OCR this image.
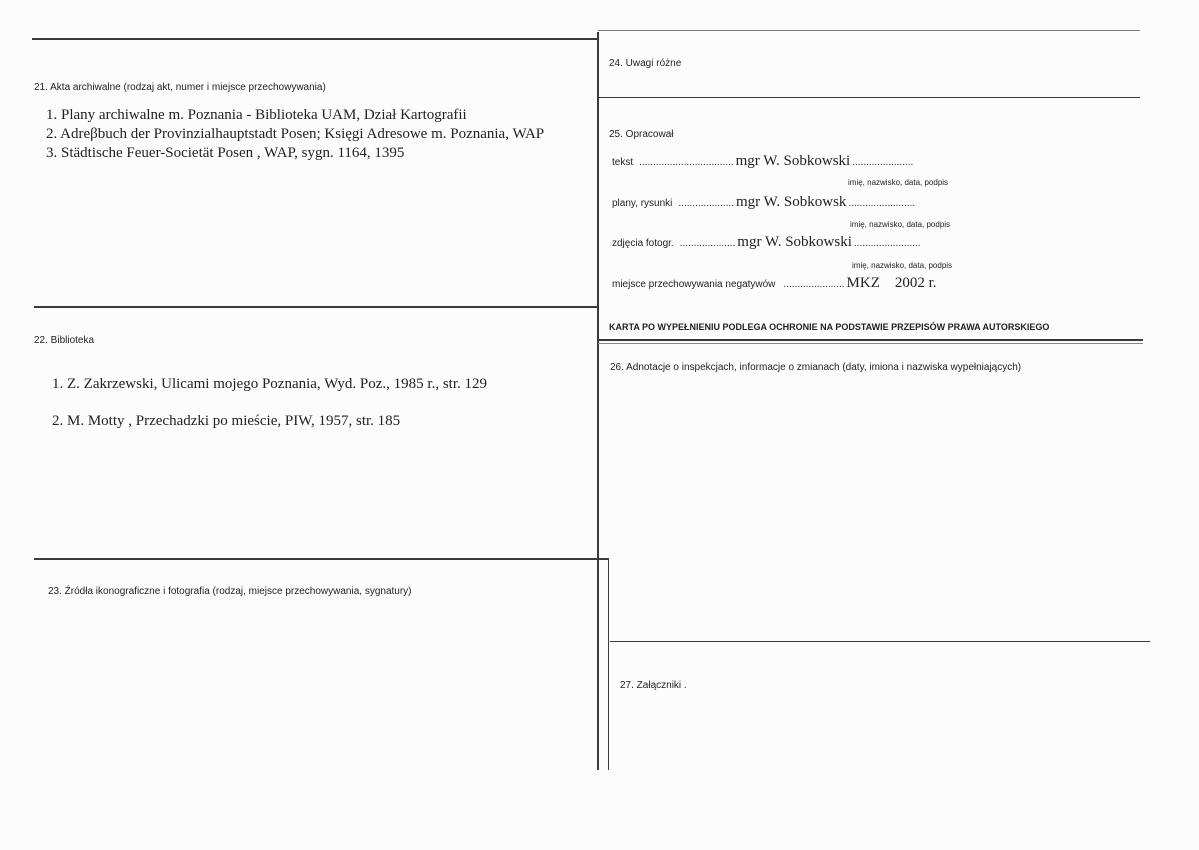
21. Akta archiwalne (rodzaj akt, numer i miejsce przechowywania)
1. Plany archiwalne m. Poznania - Biblioteka UAM, Dział Kartografii
2. Adreβbuch der Provinzialhauptstadt Posen; Księgi Adresowe m. Poznania, WAP
3. Städtische Feuer-Societät Posen , WAP, sygn. 1164, 1395
22. Biblioteka
1. Z. Zakrzewski, Ulicami mojego Poznania, Wyd. Poz., 1985 r., str. 129
2. M. Motty , Przechadzki po mieście, PIW, 1957, str. 185
23. Źródła ikonograficzne i fotografia (rodzaj, miejsce przechowywania, sygnatury)
24. Uwagi różne
25. Opracował
tekst .................................. mgr W. Sobkowski ......................
imię, nazwisko, data, podpis
plany, rysunki .................... mgr W. Sobkowsk ........................
imię, nazwisko, data, podpis
zdjęcia fotogr. .................... mgr W. Sobkowski ........................
imię, nazwisko, data, podpis
miejsce przechowywania negatywów ...................... MKZ    2002 r.
KARTA PO WYPEŁNIENIU PODLEGA OCHRONIE NA PODSTAWIE PRZEPISÓW PRAWA AUTORSKIEGO
26. Adnotacje o inspekcjach, informacje o zmianach (daty, imiona i nazwiska wypełniających)
27. Załączniki .
